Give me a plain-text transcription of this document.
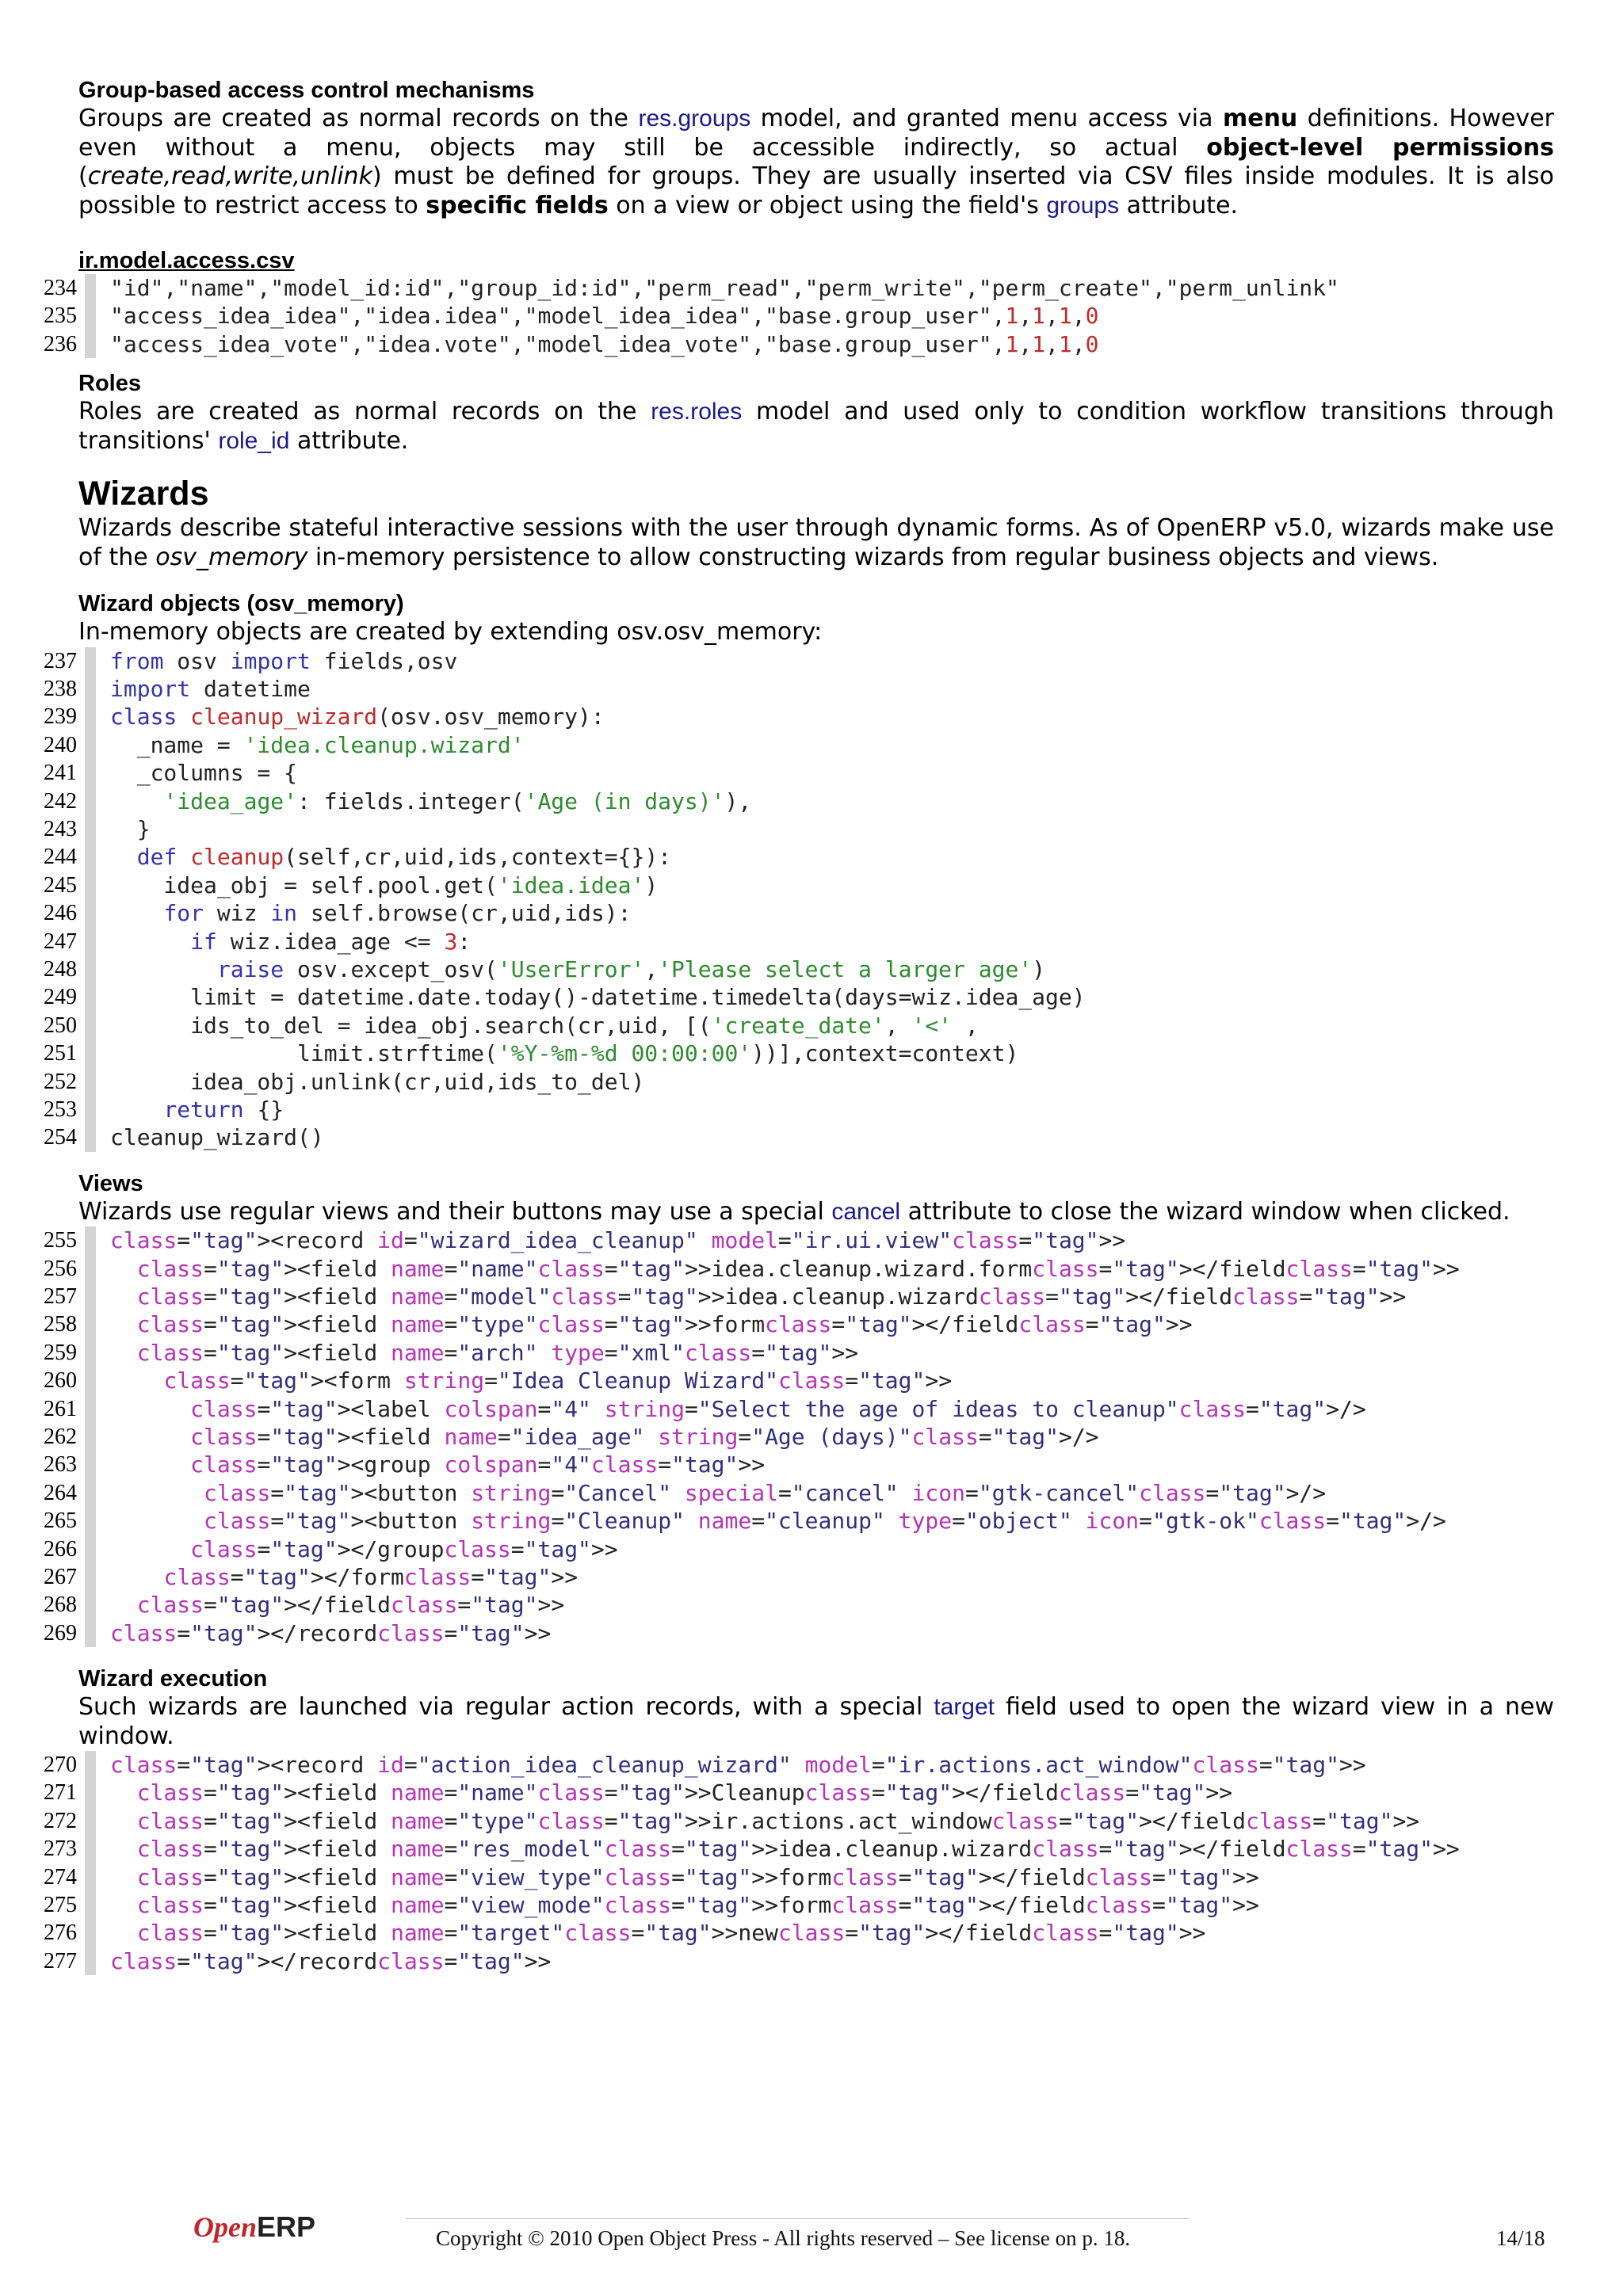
Group-based access control mechanisms

Groups are created as normal records on the res.groups model, and granted menu access via menu definitions. However even without a menu, objects may still be accessible indirectly, so actual object-level permissions (create,read,write,unlink) must be defined for groups. They are usually inserted via CSV files inside modules. It is also possible to restrict access to specific fields on a view or object using the field's groups attribute.

ir.model.access.csv
234 "id","name","model_id:id","group_id:id","perm_read","perm_write","perm_create","perm_unlink"
235 "access_idea_idea","idea.idea","model_idea_idea","base.group_user",1,1,1,0
236 "access_idea_vote","idea.vote","model_idea_vote","base.group_user",1,1,1,0
Roles

Roles are created as normal records on the res.roles model and used only to condition workflow transitions through transitions' role_id attribute.

Wizards

Wizards describe stateful interactive sessions with the user through dynamic forms. As of OpenERP v5.0, wizards make use of the osv_memory in-memory persistence to allow constructing wizards from regular business objects and views.

Wizard objects (osv_memory)

In-memory objects are created by extending osv.osv_memory:

237 from osv import fields,osv
238 import datetime
239 class cleanup_wizard(osv.osv_memory):
240 _name = 'idea.cleanup.wizard'
241 _columns = {
242	'idea_age': fields.integer('Age (in days)'),
243 }
244	def cleanup(self,cr,uid,ids,context={}):
245 idea_obj = self.pool.get('idea.idea')
246	for wiz in self.browse(cr,uid,ids):
247	if wiz.idea_age <= 3:
248	raise osv.except_osv('UserError','Please select a larger age')
249 limit = datetime.date.today()-datetime.timedelta(days=wiz.idea_age)
250 ids_to_del = idea_obj.search(cr,uid, [('create_date', '<' ,
251 limit.strftime('%Y-%m-%d 00:00:00'))],context=context)
252 idea_obj.unlink(cr,uid,ids_to_del)
253	return {}
254 cleanup_wizard()
Views

Wizards use regular views and their buttons may use a special cancel attribute to close the wizard window when clicked.

255 class="tag"><record id="wizard_idea_cleanup" model="ir.ui.view"class="tag">>
256	class="tag"><field name="name"class="tag">>idea.cleanup.wizard.formclass="tag"></fieldclass="tag">>
257	class="tag"><field name="model"class="tag">>idea.cleanup.wizardclass="tag"></fieldclass="tag">>
258	class="tag"><field name="type"class="tag">>formclass="tag"></fieldclass="tag">>
259	class="tag"><field name="arch" type="xml"class="tag">>
260	class="tag"><form string="Idea Cleanup Wizard"class="tag">>
261	class="tag"><label colspan="4" string="Select the age of ideas to cleanup"class="tag">/>
262	class="tag"><field name="idea_age" string="Age (days)"class="tag">/>
263	class="tag"><group colspan="4"class="tag">>
264	class="tag"><button string="Cancel" special="cancel" icon="gtk-cancel"class="tag">/>
265	class="tag"><button string="Cleanup" name="cleanup" type="object" icon="gtk-ok"class="tag">/>
266	class="tag"></groupclass="tag">>
267	class="tag"></formclass="tag">>
268	class="tag"></fieldclass="tag">>
269 class="tag"></recordclass="tag">>
Wizard execution

Such wizards are launched via regular action records, with a special target field used to open the wizard view in a new window.

270 class="tag"><record id="action_idea_cleanup_wizard" model="ir.actions.act_window"class="tag">>
271	class="tag"><field name="name"class="tag">>Cleanupclass="tag"></fieldclass="tag">>
272	class="tag"><field name="type"class="tag">>ir.actions.act_windowclass="tag"></fieldclass="tag">>
273	class="tag"><field name="res_model"class="tag">>idea.cleanup.wizardclass="tag"></fieldclass="tag">>
274	class="tag"><field name="view_type"class="tag">>formclass="tag"></fieldclass="tag">>
275	class="tag"><field name="view_mode"class="tag">>formclass="tag"></fieldclass="tag">>
276	class="tag"><field name="target"class="tag">>newclass="tag"></fieldclass="tag">>
277 class="tag"></recordclass="tag">>
OpenERP	Copyright © 2010 Open Object Press - All rights reserved – See license on p. 18.	14/18
